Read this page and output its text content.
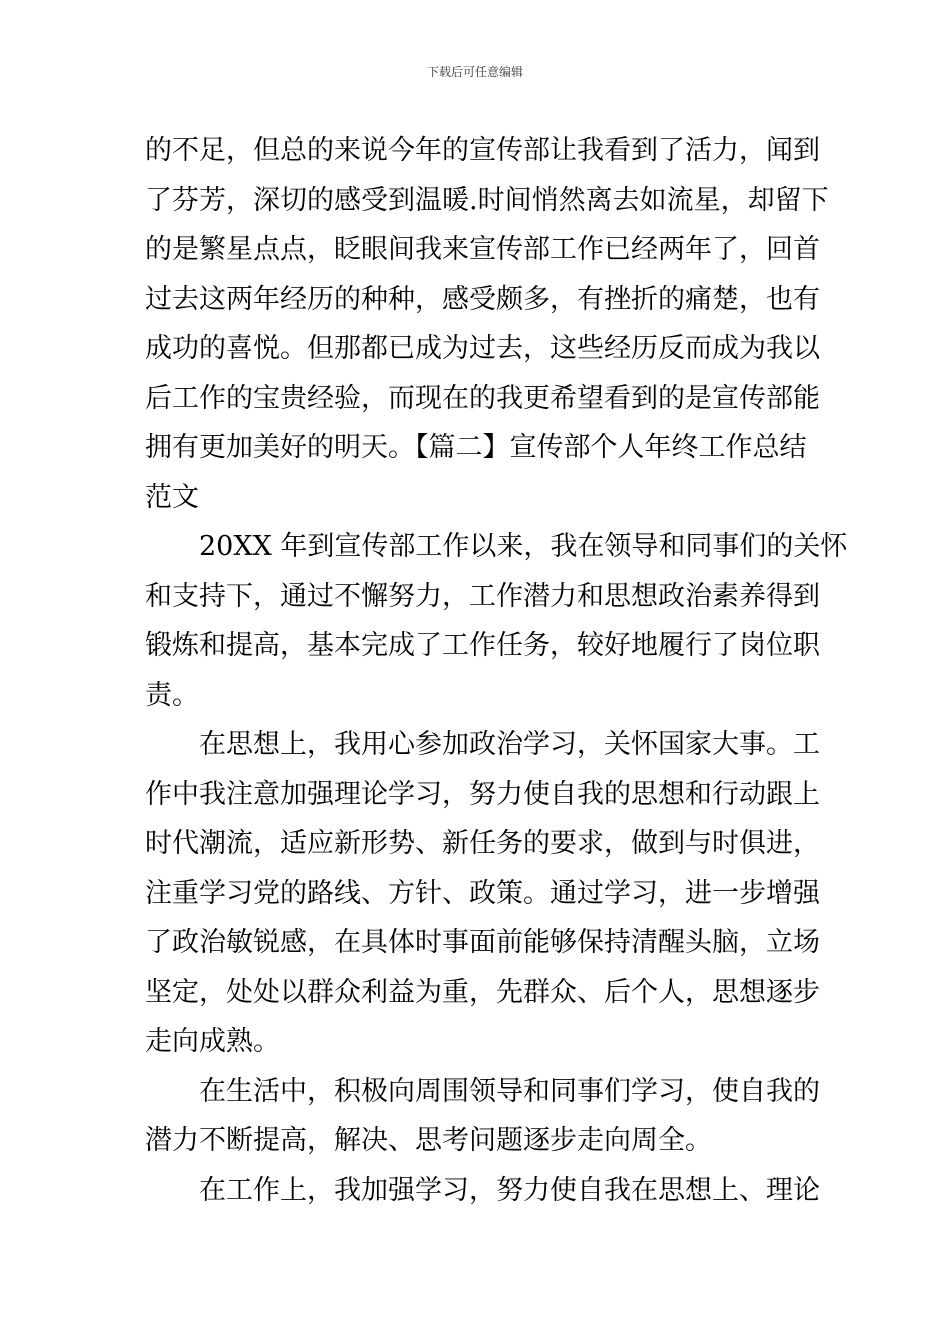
下载后可任意编辑
的不足，但总的来说今年的宣传部让我看到了活力，闻到
了芬芳，深切的感受到温暖.时间悄然离去如流星，却留下
的是繁星点点，眨眼间我来宣传部工作已经两年了，回首
过去这两年经历的种种，感受颇多，有挫折的痛楚，也有
成功的喜悦。但那都已成为过去，这些经历反而成为我以
后工作的宝贵经验，而现在的我更希望看到的是宣传部能
拥有更加美好的明天。【篇二】宣传部个人年终工作总结
范文
20XX 年到宣传部工作以来，我在领导和同事们的关怀
和支持下，通过不懈努力，工作潜力和思想政治素养得到
锻炼和提高，基本完成了工作任务，较好地履行了岗位职
责。
在思想上，我用心参加政治学习，关怀国家大事。工
作中我注意加强理论学习，努力使自我的思想和行动跟上
时代潮流，适应新形势、新任务的要求，做到与时俱进，
注重学习党的路线、方针、政策。通过学习，进一步增强
了政治敏锐感，在具体时事面前能够保持清醒头脑，立场
坚定，处处以群众利益为重，先群众、后个人，思想逐步
走向成熟。
在生活中，积极向周围领导和同事们学习，使自我的
潜力不断提高，解决、思考问题逐步走向周全。
在工作上，我加强学习，努力使自我在思想上、理论
